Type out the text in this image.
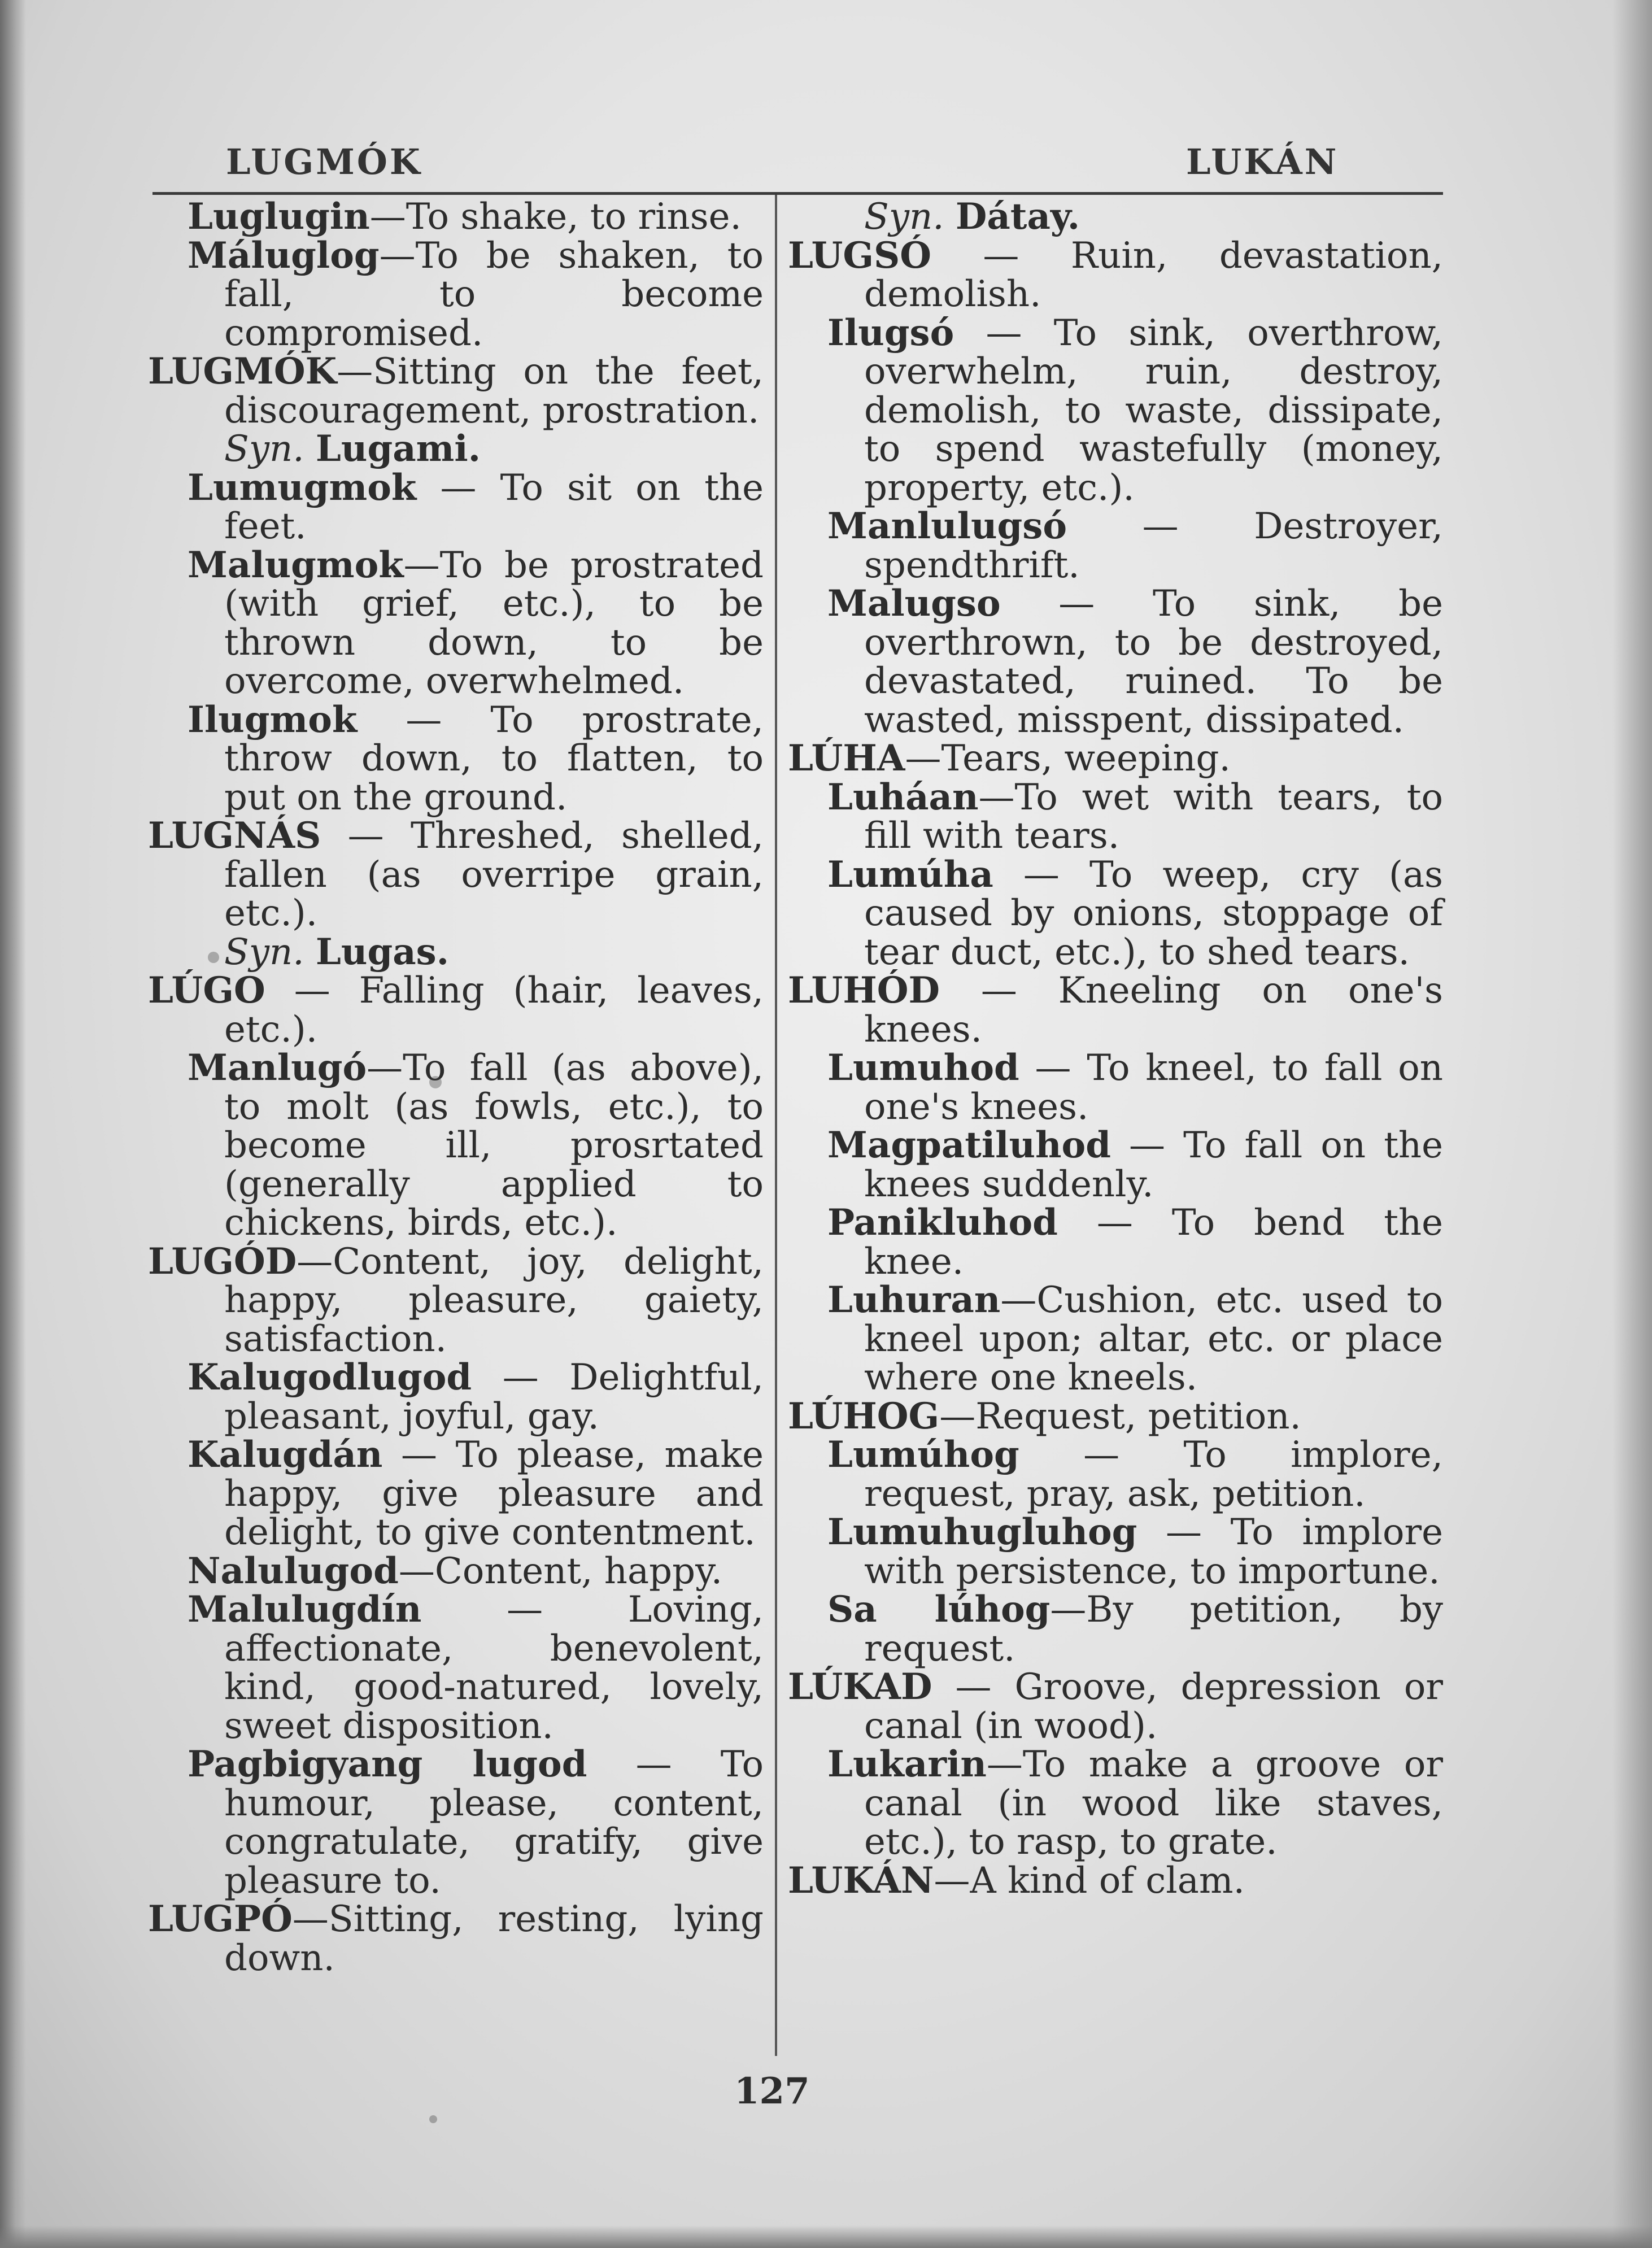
LUGMÓK	LUKÁN
Luglugin—To shake, to rinse.
Máluglog—To be shaken, to fall, to become compromised.
LUGMÓK—Sitting on the feet, discouragement, prostration.
Syn. Lugami.
Lumugmok — To sit on the feet.
Malugmok—To be prostrated (with grief, etc.), to be thrown down, to be overcome, overwhelmed.
Ilugmok — To prostrate, throw down, to flatten, to put on the ground.
LUGNÁS — Threshed, shelled, fallen (as overripe grain, etc.).
Syn. Lugas.
LÚGO — Falling (hair, leaves, etc.).
Manlugó—To fall (as above), to molt (as fowls, etc.), to become ill, prosrtated (generally applied to chickens, birds, etc.).
LUGÓD—Content, joy, delight, happy, pleasure, gaiety, satisfaction.
Kalugodlugod — Delightful, pleasant, joyful, gay.
Kalugdán — To please, make happy, give pleasure and delight, to give contentment.
Nalulugod—Content, happy.
Malulugdín — Loving, affectionate, benevolent, kind, good-natured, lovely, sweet disposition.
Pagbigyang lugod — To humour, please, content, congratulate, gratify, give pleasure to.
LUGPÓ—Sitting, resting, lying down.
Syn. Dátay.
LUGSÓ — Ruin, devastation, demolish.
Ilugsó — To sink, overthrow, overwhelm, ruin, destroy, demolish, to waste, dissipate, to spend wastefully (money, property, etc.).
Manlulugsó — Destroyer, spendthrift.
Malugso — To sink, be overthrown, to be destroyed, devastated, ruined. To be wasted, misspent, dissipated.
LÚHA—Tears, weeping.
Luháan—To wet with tears, to fill with tears.
Lumúha — To weep, cry (as caused by onions, stoppage of tear duct, etc.), to shed tears.
LUHÓD — Kneeling on one's knees.
Lumuhod — To kneel, to fall on one's knees.
Magpatiluhod — To fall on the knees suddenly.
Panikluhod — To bend the knee.
Luhuran—Cushion, etc. used to kneel upon; altar, etc. or place where one kneels.
LÚHOG—Request, petition.
Lumúhog — To implore, request, pray, ask, petition.
Lumuhugluhog — To implore with persistence, to importune.
Sa lúhog—By petition, by request.
LÚKAD — Groove, depression or canal (in wood).
Lukarin—To make a groove or canal (in wood like staves, etc.), to rasp, to grate.
LUKÁN—A kind of clam.
127
